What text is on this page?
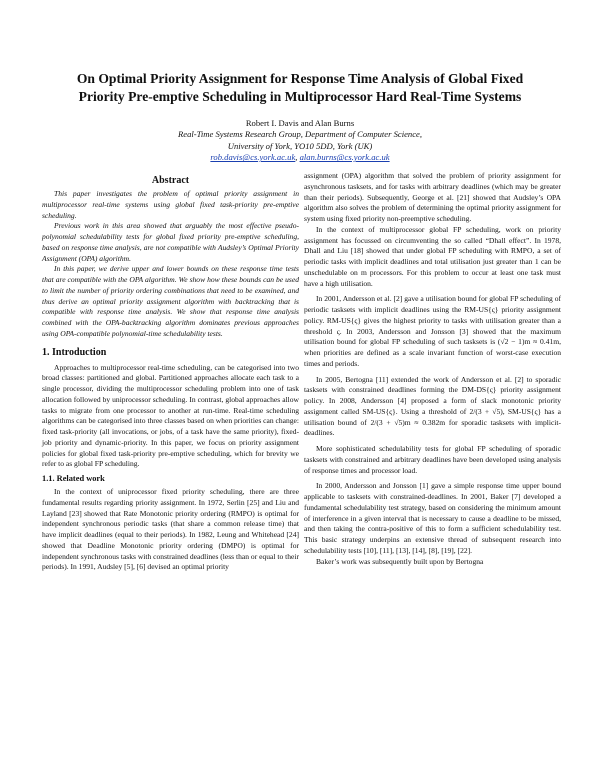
On Optimal Priority Assignment for Response Time Analysis of Global Fixed
Priority Pre-emptive Scheduling in Multiprocessor Hard Real-Time Systems
Robert I. Davis and Alan Burns
Real-Time Systems Research Group, Department of Computer Science,
University of York, YO10 5DD, York (UK)
rob.davis@cs.york.ac.uk, alan.burns@cs.york.ac.uk
Abstract

This paper investigates the problem of optimal priority assignment in multiprocessor real-time systems using global fixed task-priority pre-emptive scheduling.

Previous work in this area showed that arguably the most effective pseudo-polynomial schedulability tests for global fixed priority pre-emptive scheduling, based on response time analysis, are not compatible with Audsley’s Optimal Priority Assignment (OPA) algorithm.

In this paper, we derive upper and lower bounds on these response time tests that are compatible with the OPA algorithm. We show how these bounds can be used to limit the number of priority ordering combinations that need to be examined, and thus derive an optimal priority assignment algorithm with backtracking that is compatible with response time analysis. We show that response time analysis combined with the OPA-backtracking algorithm dominates previous approaches using OPA-compatible polynomial-time schedulability tests.

1. Introduction

Approaches to multiprocessor real-time scheduling, can be categorised into two broad classes: partitioned and global. Partitioned approaches allocate each task to a single processor, dividing the multiprocessor scheduling problem into one of task allocation followed by uniprocessor scheduling. In contrast, global approaches allow tasks to migrate from one processor to another at run-time. Real-time scheduling algorithms can be categorised into three classes based on when priorities can change: fixed task-priority (all invocations, or jobs, of a task have the same priority), fixed-job priority and dynamic-priority. In this paper, we focus on priority assignment policies for global fixed task-priority pre-emptive scheduling, which for brevity we refer to as global FP scheduling.

1.1. Related work

In the context of uniprocessor fixed priority scheduling, there are three fundamental results regarding priority assignment. In 1972, Serlin [25] and Liu and Layland [23] showed that Rate Monotonic priority ordering (RMPO) is optimal for independent synchronous periodic tasks (that share a common release time) that have implicit deadlines (equal to their periods). In 1982, Leung and Whitehead [24] showed that Deadline Monotonic priority ordering (DMPO) is optimal for independent synchronous tasks with constrained deadlines (less than or equal to their periods). In 1991, Audsley [5], [6] devised an optimal priority

assignment (OPA) algorithm that solved the problem of priority assignment for asynchronous tasksets, and for tasks with arbitrary deadlines (which may be greater than their periods). Subsequently, George et al. [21] showed that Audsley’s OPA algorithm also solves the problem of determining the optimal priority assignment for system using fixed priority non-preemptive scheduling.

In the context of multiprocessor global FP scheduling, work on priority assignment has focussed on circumventing the so called “Dhall effect”. In 1978, Dhall and Liu [18] showed that under global FP scheduling with RMPO, a set of periodic tasks with implicit deadlines and total utilisation just greater than 1 can be unschedulable on m processors. For this problem to occur at least one task must have a high utilisation.

In 2001, Andersson et al. [2] gave a utilisation bound for global FP scheduling of periodic tasksets with implicit deadlines using the RM-US{ς} priority assignment policy. RM-US{ς} gives the highest priority to tasks with utilisation greater than a threshold ς. In 2003, Andersson and Jonsson [3] showed that the maximum utilisation bound for global FP scheduling of such tasksets is (√2 − 1)m ≈ 0.41m, when priorities are defined as a scale invariant function of worst-case execution times and periods.

In 2005, Bertogna [11] extended the work of Andersson et al. [2] to sporadic tasksets with constrained deadlines forming the DM-DS{ς} priority assignment policy. In 2008, Andersson [4] proposed a form of slack monotonic priority assignment called SM-US{ς}. Using a threshold of 2/(3 + √5), SM-US{ς} has a utilisation bound of 2/(3 + √5)m ≈ 0.382m for sporadic tasksets with implicit-deadlines.

More sophisticated schedulability tests for global FP scheduling of sporadic tasksets with constrained and arbitrary deadlines have been developed using analysis of response times and processor load.

In 2000, Andersson and Jonsson [1] gave a simple response time upper bound applicable to tasksets with constrained-deadlines. In 2001, Baker [7] developed a fundamental schedulability test strategy, based on considering the minimum amount of interference in a given interval that is necessary to cause a deadline to be missed, and then taking the contra-positive of this to form a sufficient schedulability test. This basic strategy underpins an extensive thread of subsequent research into schedulability tests [10], [11], [13], [14], [8], [19], [22].

Baker’s work was subsequently built upon by Bertogna
